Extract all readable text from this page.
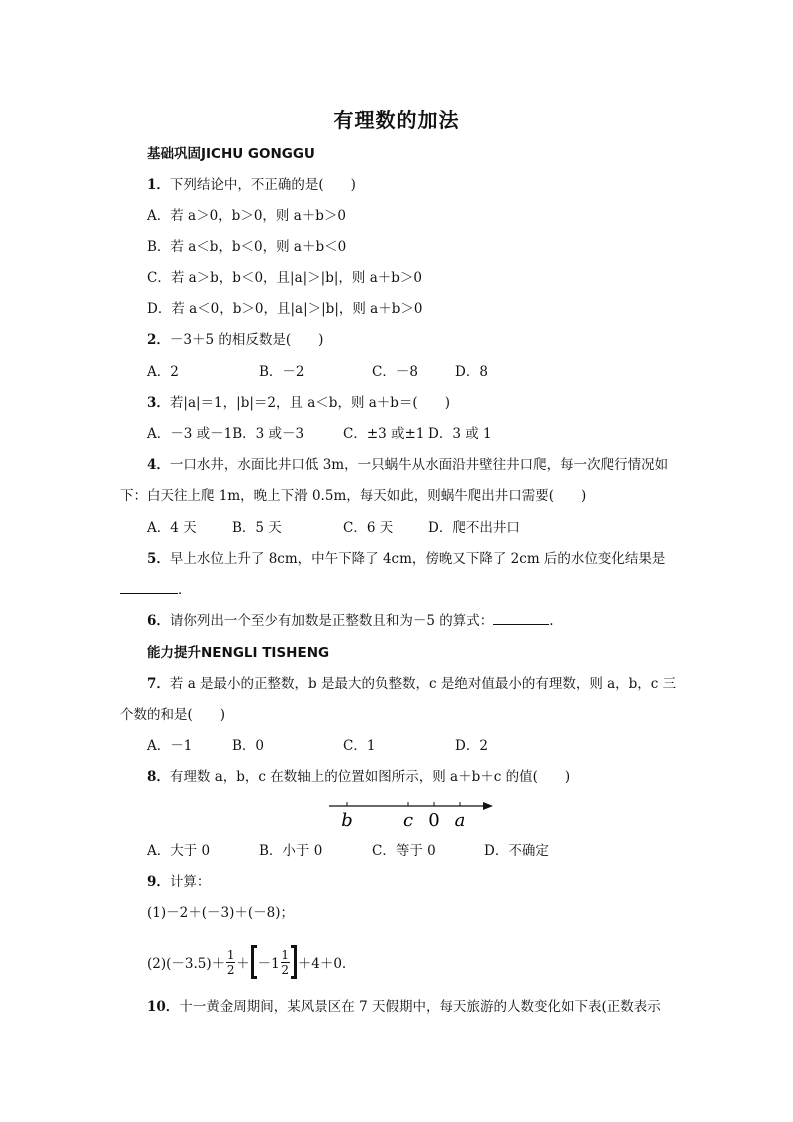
有理数的加法
基础巩固JICHU GONGGU
1．下列结论中，不正确的是(　　)
A．若 a＞0，b＞0，则 a＋b＞0
B．若 a＜b，b＜0，则 a＋b＜0
C．若 a＞b，b＜0，且|a|＞|b|，则 a＋b＞0
D．若 a＜0，b＞0，且|a|＞|b|，则 a＋b＞0
2．－3＋5 的相反数是(　　)
A．2	B．－2	C．－8	D．8
3．若|a|＝1，|b|＝2，且 a＜b，则 a＋b＝(　　)
A．－3 或－1B．3 或－3	C．±3 或±1 D．3 或 1
4．一口水井，水面比井口低 3m，一只蜗牛从水面沿井壁往井口爬，每一次爬行情况如
下：白天往上爬 1m，晚上下滑 0.5m，每天如此，则蜗牛爬出井口需要(　　)
A．4 天	B．5 天	C．6 天	D．爬不出井口
5．早上水位上升了 8cm，中午下降了 4cm，傍晚又下降了 2cm 后的水位变化结果是
．
6．请你列出一个至少有加数是正整数且和为－5 的算式：	.
能力提升NENGLI TISHENG
7．若 a 是最小的正整数，b 是最大的负整数，c 是绝对值最小的有理数，则 a，b，c 三
个数的和是(　　)
A．－1	B．0	C．1	D．2
8．有理数 a，b，c 在数轴上的位置如图所示，则 a＋b＋c 的值(　　)
b	c 0 a
A．大于 0	B．小于 0	C．等于 0	D．不确定
9．计算：
(1)－2＋(－3)＋(－8)；
(2)(－3.5)＋
1
2 ＋ －1
1
2 ＋4＋0.
10．十一黄金周期间，某风景区在 7 天假期中，每天旅游的人数变化如下表(正数表示
